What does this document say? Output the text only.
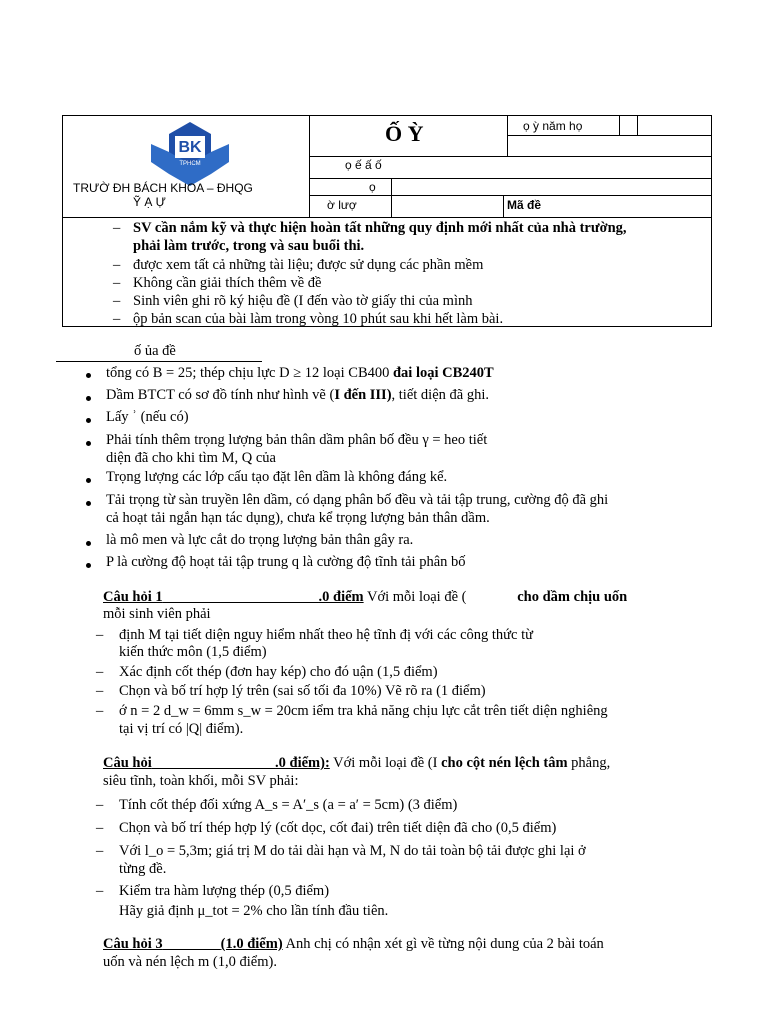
BK
TPHCM
TRƯỜ ĐH BÁCH KHOA – ĐHQG
Ỹ Ạ Ự
Ố Ỳ	ọ ỳ năm họ
ọ ế ấ ố
ọ
ờ lượ	Mã đề
– SV cần nắm kỹ và thực hiện hoàn tất những quy định mới nhất của nhà trường,
phải làm trước, trong và sau buổi thi.
– được xem tất cả những tài liệu; được sử dụng các phần mềm
– Không cần giải thích thêm về đề
– Sinh viên ghi rõ ký hiệu đề (I đến vào tờ giấy thi của mình
– ộp bản scan của bài làm trong vòng 10 phút sau khi hết làm bài.
ố ủa đề
tổng có B = 25; thép chịu lực D ≥ 12 loại CB400 đai loại CB240T
Dầm BTCT có sơ đồ tính như hình vẽ (I đến III), tiết diện đã ghi.
Lấy ʾ (nếu có)
Phải tính thêm trọng lượng bản thân dầm phân bố đều γ = heo tiết
diện đã cho khi tìm M, Q của
Trọng lượng các lớp cấu tạo đặt lên dầm là không đáng kể.
Tải trọng từ sàn truyền lên dầm, có dạng phân bố đều và tải tập trung, cường độ đã ghi
cả hoạt tải ngắn hạn tác dụng), chưa kể trọng lượng bản thân dầm.
là mô men và lực cắt do trọng lượng bản thân gây ra.
P là cường độ hoạt tải tập trung q là cường độ tĩnh tải phân bố
Câu hỏi 1	.0 điểm Với mỗi loại đề (	cho dầm chịu uốn
mỗi sinh viên phải
– định M tại tiết diện nguy hiểm nhất theo hệ tĩnh đị với các công thức từ
kiến thức môn (1,5 điểm)
– Xác định cốt thép (đơn hay kép) cho đó uận (1,5 điểm)
– Chọn và bố trí hợp lý trên (sai số tối đa 10%) Vẽ rõ ra (1 điểm)
– ớ n = 2 d_w = 6mm s_w = 20cm iểm tra khả năng chịu lực cắt trên tiết diện nghiêng
tại vị trí có |Q| điểm).
Câu hỏi	.0 điểm): Với mỗi loại đề (I cho cột nén lệch tâm phẳng,
siêu tĩnh, toàn khối, mỗi SV phải:
– Tính cốt thép đối xứng A_s = A′_s (a = a′ = 5cm) (3 điểm)
– Chọn và bố trí thép hợp lý (cốt dọc, cốt đai) trên tiết diện đã cho (0,5 điểm)
– Với l_o = 5,3m; giá trị M do tải dài hạn và M, N do tải toàn bộ tải được ghi lại ở
từng đề.
– Kiểm tra hàm lượng thép (0,5 điểm)
Hãy giả định μ_tot = 2% cho lần tính đầu tiên.
Câu hỏi 3	(1.0 điểm) Anh chị có nhận xét gì về từng nội dung của 2 bài toán
uốn và nén lệch m (1,0 điểm).
